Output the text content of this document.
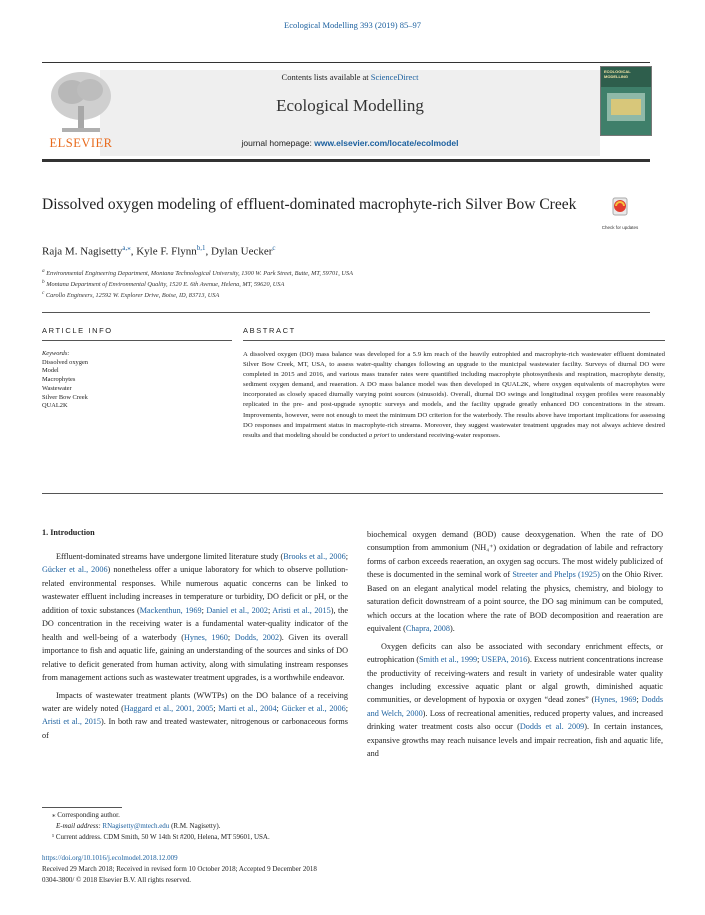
Ecological Modelling 393 (2019) 85–97
ELSEVIER
Contents lists available at ScienceDirect
Ecological Modelling
journal homepage: www.elsevier.com/locate/ecolmodel
ECOLOGICAL MODELLING
Dissolved oxygen modeling of effluent-dominated macrophyte-rich Silver Bow Creek
Check for updates
Raja M. Nagisetty$^{a,⁎}$, Kyle F. Flynn$^{b,1}$, Dylan Uecker$^c$
$^a$ Environmental Engineering Department, Montana Technological University, 1300 W. Park Street, Butte, MT, 59701, USA
$^b$ Montana Department of Environmental Quality, 1520 E. 6th Avenue, Helena, MT, 59620, USA
$^c$ Carollo Engineers, 12592 W. Explorer Drive, Boise, ID, 83713, USA
ARTICLE INFO	ABSTRACT
Keywords:
Dissolved oxygen
Model
Macrophytes
Wastewater
Silver Bow Creek
QUAL2K
A dissolved oxygen (DO) mass balance was developed for a 5.9 km reach of the heavily eutrophied and macrophyte-rich wastewater effluent dominated Silver Bow Creek, MT, USA, to assess water-quality changes following an upgrade to the municipal wastewater facility. Surveys of diurnal DO were completed in 2015 and 2016, and various mass transfer rates were quantified including macrophyte photosynthesis and respiration, macrophyte density, sediment oxygen demand, and reaeration. A DO mass balance model was then developed in QUAL2K, where oxygen equivalents of macrophytes were incorporated as closely spaced diurnally varying point sources (sinusoids). Overall, diurnal DO swings and longitudinal oxygen profiles were reasonably replicated in the pre- and post-upgrade synoptic surveys and models, and the facility upgrade greatly enhanced DO concentrations in the stream. Improvements, however, were not enough to meet the minimum DO criterion for the waterbody. The results above have important implications for assessing DO responses and impairment status in macrophyte-rich streams. Moreover, they suggest wastewater treatment upgrades may not always achieve desired results and that modeling should be conducted a priori to understand receiving-water responses.
1. Introduction

Effluent-dominated streams have undergone limited literature study (Brooks et al., 2006; Gücker et al., 2006) nonetheless offer a unique laboratory for which to observe pollution-related environmental responses. While numerous aquatic concerns can be linked to wastewater effluent including increases in temperature or turbidity, DO deficit or pH, or the addition of toxic substances (Mackenthun, 1969; Daniel et al., 2002; Aristi et al., 2015), the DO concentration in the receiving water is a fundamental water-quality indicator of the health and well-being of a waterbody (Hynes, 1960; Dodds, 2002). Given its overall importance to fish and aquatic life, gaining an understanding of the sources and sinks of DO relative to deficit generated from human activity, along with simulating instream responses from management actions such as wastewater treatment upgrades, is a worthwhile endeavor.

Impacts of wastewater treatment plants (WWTPs) on the DO balance of a receiving water are widely noted (Haggard et al., 2001, 2005; Marti et al., 2004; Gücker et al., 2006; Aristi et al., 2015). In both raw and treated wastewater, nitrogenous or carbonaceous forms of

biochemical oxygen demand (BOD) cause deoxygenation. When the rate of DO consumption from ammonium (NH₄⁺) oxidation or degradation of labile and refractory forms of carbon exceeds reaeration, an oxygen sag occurs. The most widely publicized of these is documented in the seminal work of Streeter and Phelps (1925) on the Ohio River. Based on an elegant analytical model relating the physics, chemistry, and biology to saturation deficit downstream of a point source, the DO sag minimum can be computed, which occurs at the location where the rate of BOD decomposition and reaeration are equivalent (Chapra, 2008).

Oxygen deficits can also be associated with secondary enrichment effects, or eutrophication (Smith et al., 1999; USEPA, 2016). Excess nutrient concentrations increase the productivity of receiving-waters and result in variety of undesirable water quality changes including excessive aquatic plant or algal growth, diminished aquatic communities, or development of hypoxia or oxygen “dead zones” (Hynes, 1969; Dodds and Welch, 2000). Loss of recreational amenities, reduced property values, and increased drinking water treatment costs also occur (Dodds et al. 2009). In certain instances, expansive growths may reach nuisance levels and impair recreation, fish and aquatic life, and

⁎ Corresponding author.
E-mail address: RNagisetty@mtech.edu (R.M. Nagisetty).
¹ Current address. CDM Smith, 50 W 14th St #200, Helena, MT 59601, USA.
https://doi.org/10.1016/j.ecolmodel.2018.12.009
Received 29 March 2018; Received in revised form 10 October 2018; Accepted 9 December 2018
0304-3800/ © 2018 Elsevier B.V. All rights reserved.
